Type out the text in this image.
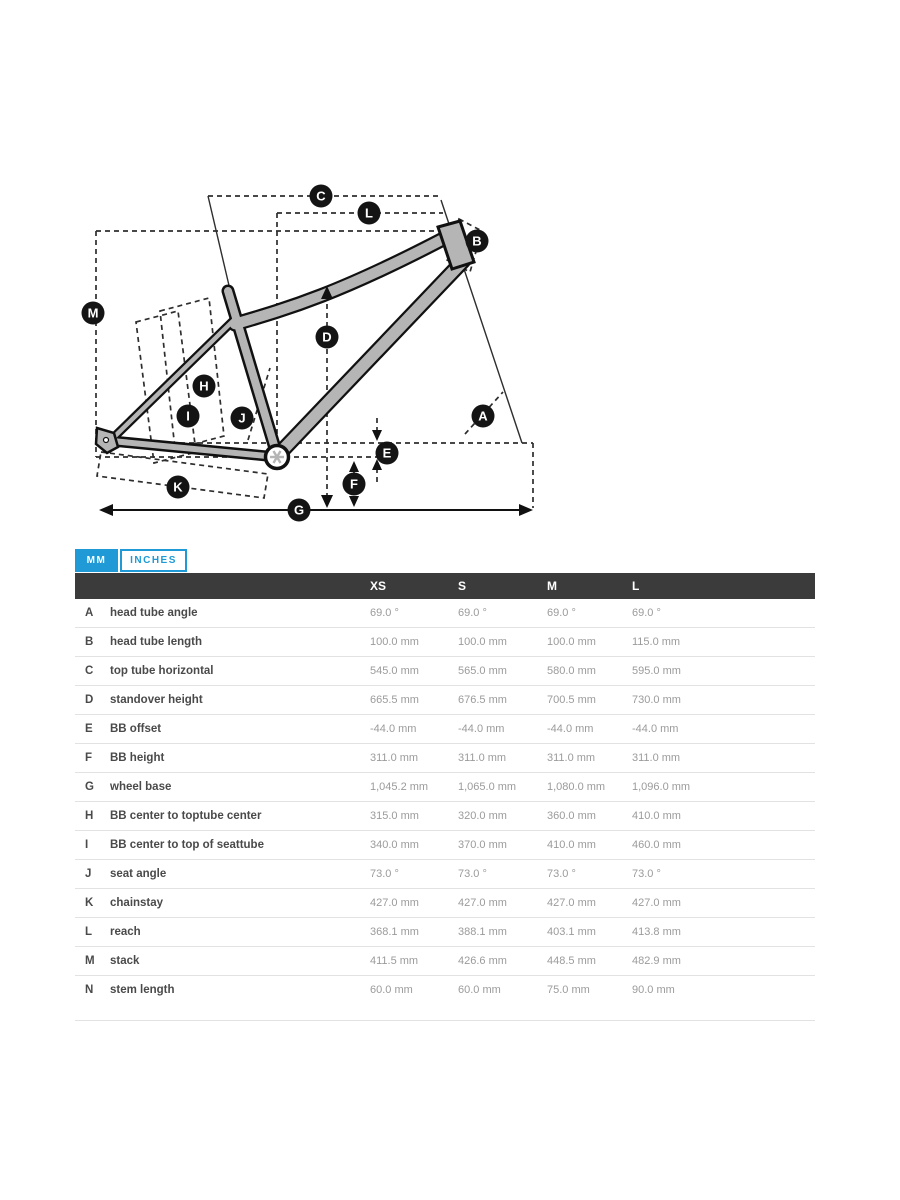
A
B
C
D
E
F
G
H
I	J
K
L
M
MM	INCHES
XS	S	M	L
A	head tube angle	69.0 °	69.0 °	69.0 °	69.0 °
B	head tube length	100.0 mm	100.0 mm	100.0 mm	115.0 mm
C	top tube horizontal	545.0 mm	565.0 mm	580.0 mm	595.0 mm
D	standover height	665.5 mm	676.5 mm	700.5 mm	730.0 mm
E	BB offset	-44.0 mm	-44.0 mm	-44.0 mm	-44.0 mm
F	BB height	311.0 mm	311.0 mm	311.0 mm	311.0 mm
G	wheel base	1,045.2 mm	1,065.0 mm	1,080.0 mm	1,096.0 mm
H	BB center to toptube center	315.0 mm	320.0 mm	360.0 mm	410.0 mm
I	BB center to top of seattube	340.0 mm	370.0 mm	410.0 mm	460.0 mm
J	seat angle	73.0 °	73.0 °	73.0 °	73.0 °
K	chainstay	427.0 mm	427.0 mm	427.0 mm	427.0 mm
L	reach	368.1 mm	388.1 mm	403.1 mm	413.8 mm
M	stack	411.5 mm	426.6 mm	448.5 mm	482.9 mm
N	stem length	60.0 mm	60.0 mm	75.0 mm	90.0 mm
